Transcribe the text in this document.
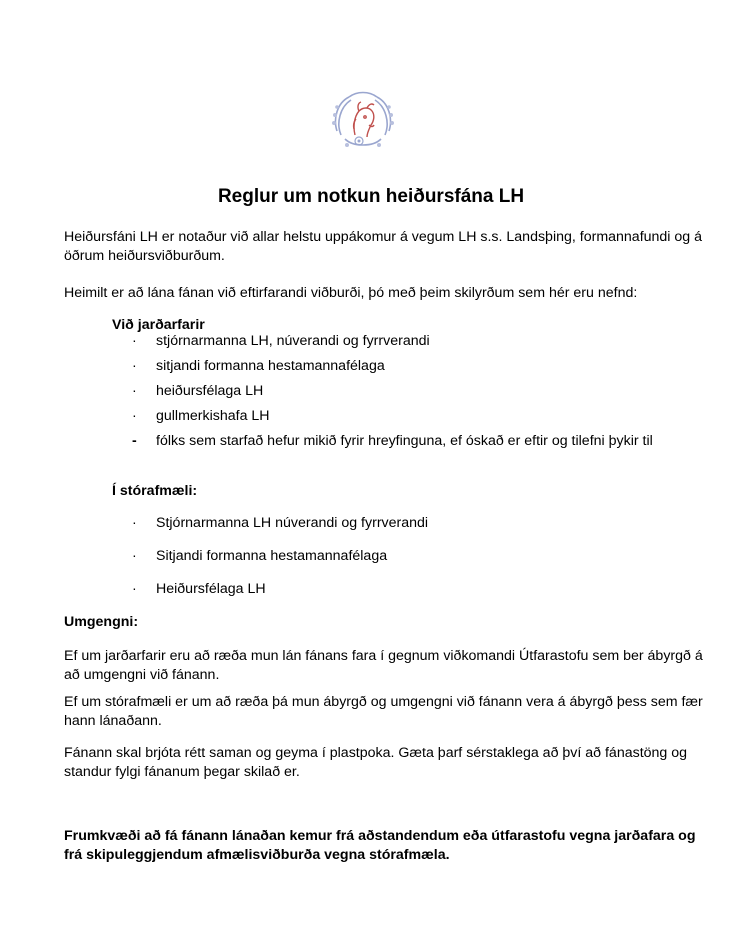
Reglur um notkun heiðursfána LH
Heiðursfáni LH er notaður við allar helstu uppákomur á vegum LH s.s. Landsþing, formannafundi og á öðrum heiðursviðburðum.
Heimilt er að lána fánan við eftirfarandi viðburði, þó með þeim skilyrðum sem hér eru nefnd:
Við jarðarfarir
·	stjórnarmanna LH, núverandi og fyrrverandi
·	sitjandi formanna hestamannafélaga
·	heiðursfélaga LH
·	gullmerkishafa LH
-	fólks sem starfað hefur mikið fyrir hreyfinguna, ef óskað er eftir og tilefni þykir til
Í stórafmæli:
·	Stjórnarmanna LH núverandi og fyrrverandi
·	Sitjandi formanna hestamannafélaga
·	Heiðursfélaga LH
Umgengni:
Ef um jarðarfarir eru að ræða mun lán fánans fara í gegnum viðkomandi Útfarastofu sem ber ábyrgð á að umgengni við fánann.
Ef um stórafmæli er um að ræða þá mun ábyrgð og umgengni við fánann vera á ábyrgð þess sem fær hann lánaðann.
Fánann skal brjóta rétt saman og geyma í plastpoka. Gæta þarf sérstaklega að því að fánastöng og standur fylgi fánanum þegar skilað er.
Frumkvæði að fá fánann lánaðan kemur frá aðstandendum eða útfarastofu vegna jarðafara og frá skipuleggjendum afmælisviðburða vegna stórafmæla.
